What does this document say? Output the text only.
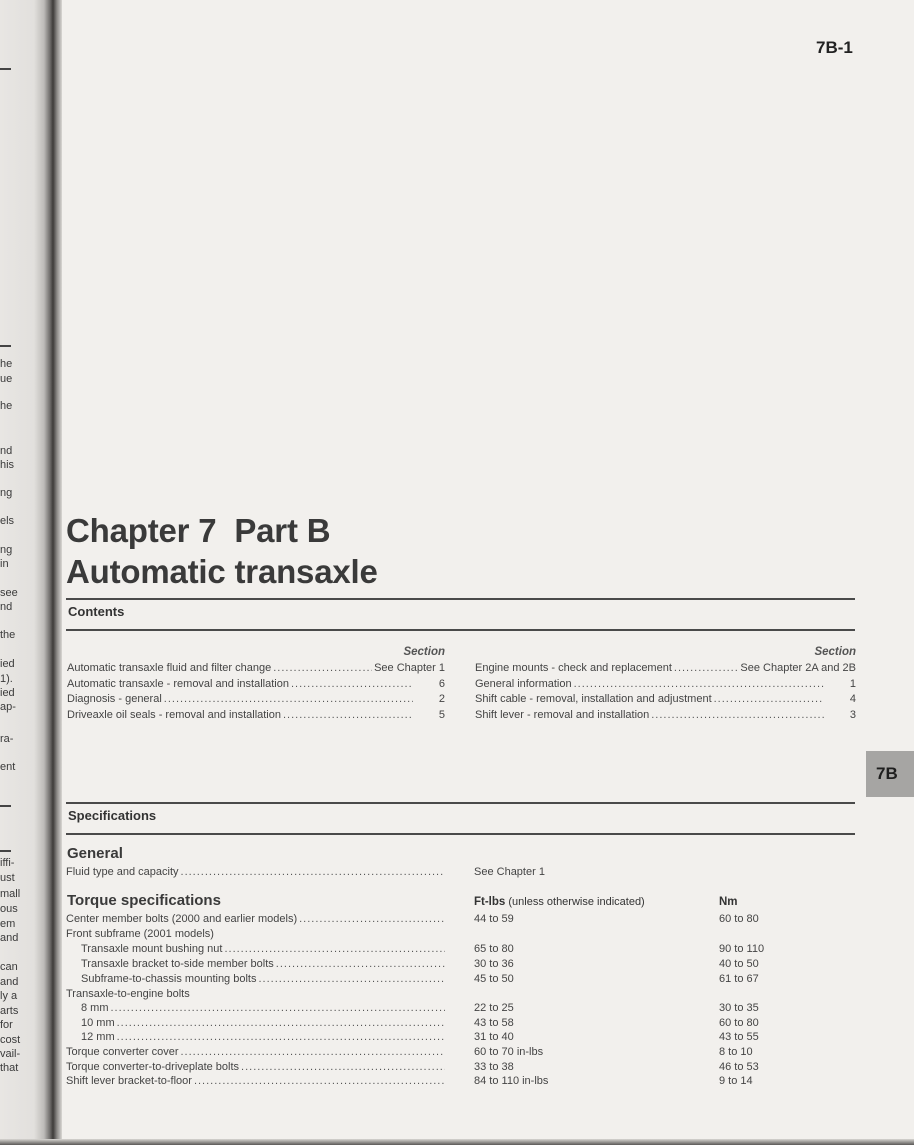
he
ue
he
nd
his
ng
els
ng
in
see
nd
the
ied
1).
ied
ap-
ra-
ent
iffi-
ust
mall
ous
em
and
can
and
ly a
arts
for
cost
vail-
that
7B-1
7B
Chapter 7  Part B
Automatic transaxle
Contents
Section
Automatic transaxle fluid and filter change .....	See Chapter 1
Automatic transaxle - removal and installation .....	6
Diagnosis - general .....	2
Driveaxle oil seals - removal and installation .....	5
Section
Engine mounts - check and replacement .....	See Chapter 2A and 2B
General information .....	1
Shift cable - removal, installation and adjustment .....	4
Shift lever - removal and installation .....	3
Specifications
General
Fluid type and capacity .....	See Chapter 1
Torque specifications	Ft-lbs (unless otherwise indicated)	Nm
Center member bolts (2000 and earlier models) .....	44 to 59	60 to 80
Front subframe (2001 models)
Transaxle mount bushing nut .....	65 to 80	90 to 110
Transaxle bracket to-side member bolts .....	30 to 36	40 to 50
Subframe-to-chassis mounting bolts .....	45 to 50	61 to 67
Transaxle-to-engine bolts
8 mm .....	22 to 25	30 to 35
10 mm .....	43 to 58	60 to 80
12 mm .....	31 to 40	43 to 55
Torque converter cover .....	60 to 70 in-lbs	8 to 10
Torque converter-to-driveplate bolts .....	33 to 38	46 to 53
Shift lever bracket-to-floor .....	84 to 110 in-lbs	9 to 14
